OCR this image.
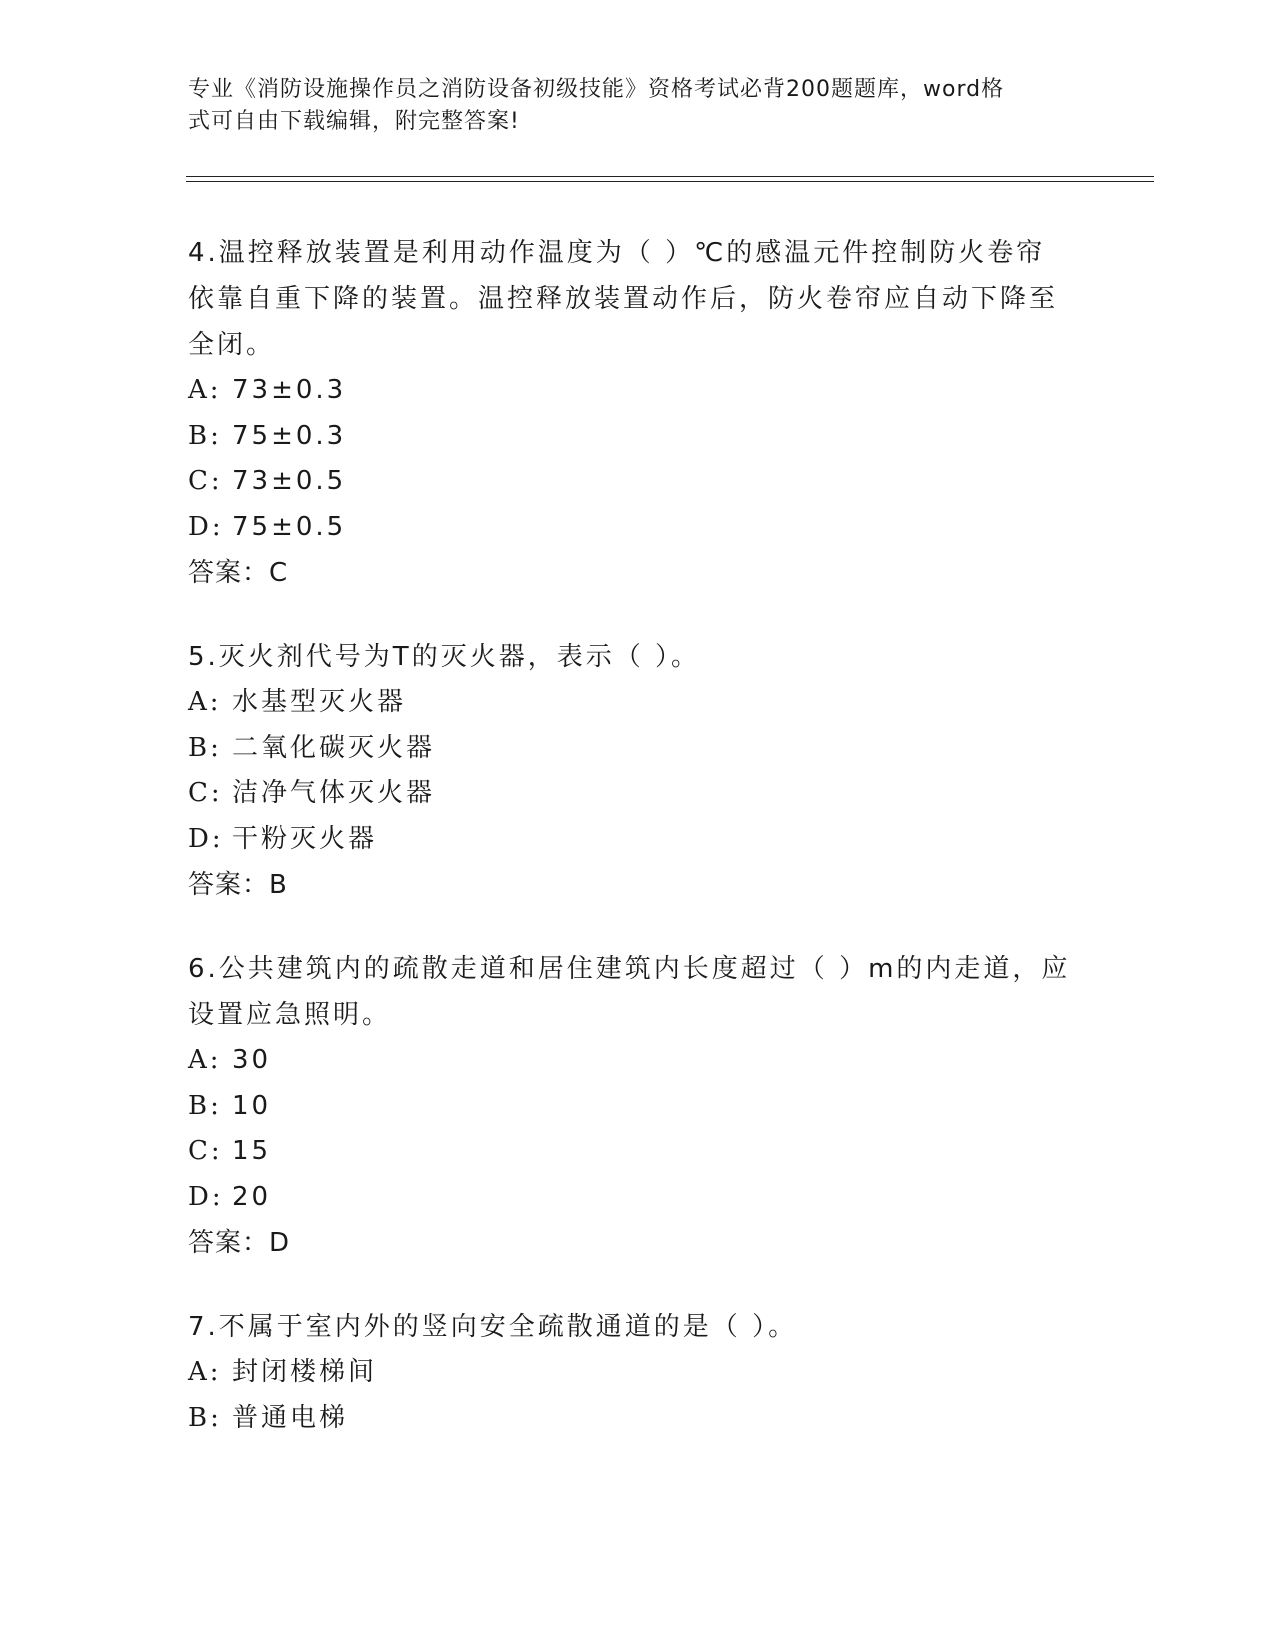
专业《消防设施操作员之消防设备初级技能》资格考试必背200题题库，word格
式可自由下载编辑，附完整答案!
4.温控释放装置是利用动作温度为（ ）℃的感温元件控制防火卷帘
依靠自重下降的装置。温控释放装置动作后，防火卷帘应自动下降至
全闭。
A: 73±0.3
B: 75±0.3
C: 73±0.5
D: 75±0.5
答案：C
5.灭火剂代号为T的灭火器，表示（ ）。
A: 水基型灭火器
B: 二氧化碳灭火器
C: 洁净气体灭火器
D: 干粉灭火器
答案：B
6.公共建筑内的疏散走道和居住建筑内长度超过（ ）m的内走道，应
设置应急照明。
A: 30
B: 10
C: 15
D: 20
答案：D
7.不属于室内外的竖向安全疏散通道的是（ ）。
A: 封闭楼梯间
B: 普通电梯
